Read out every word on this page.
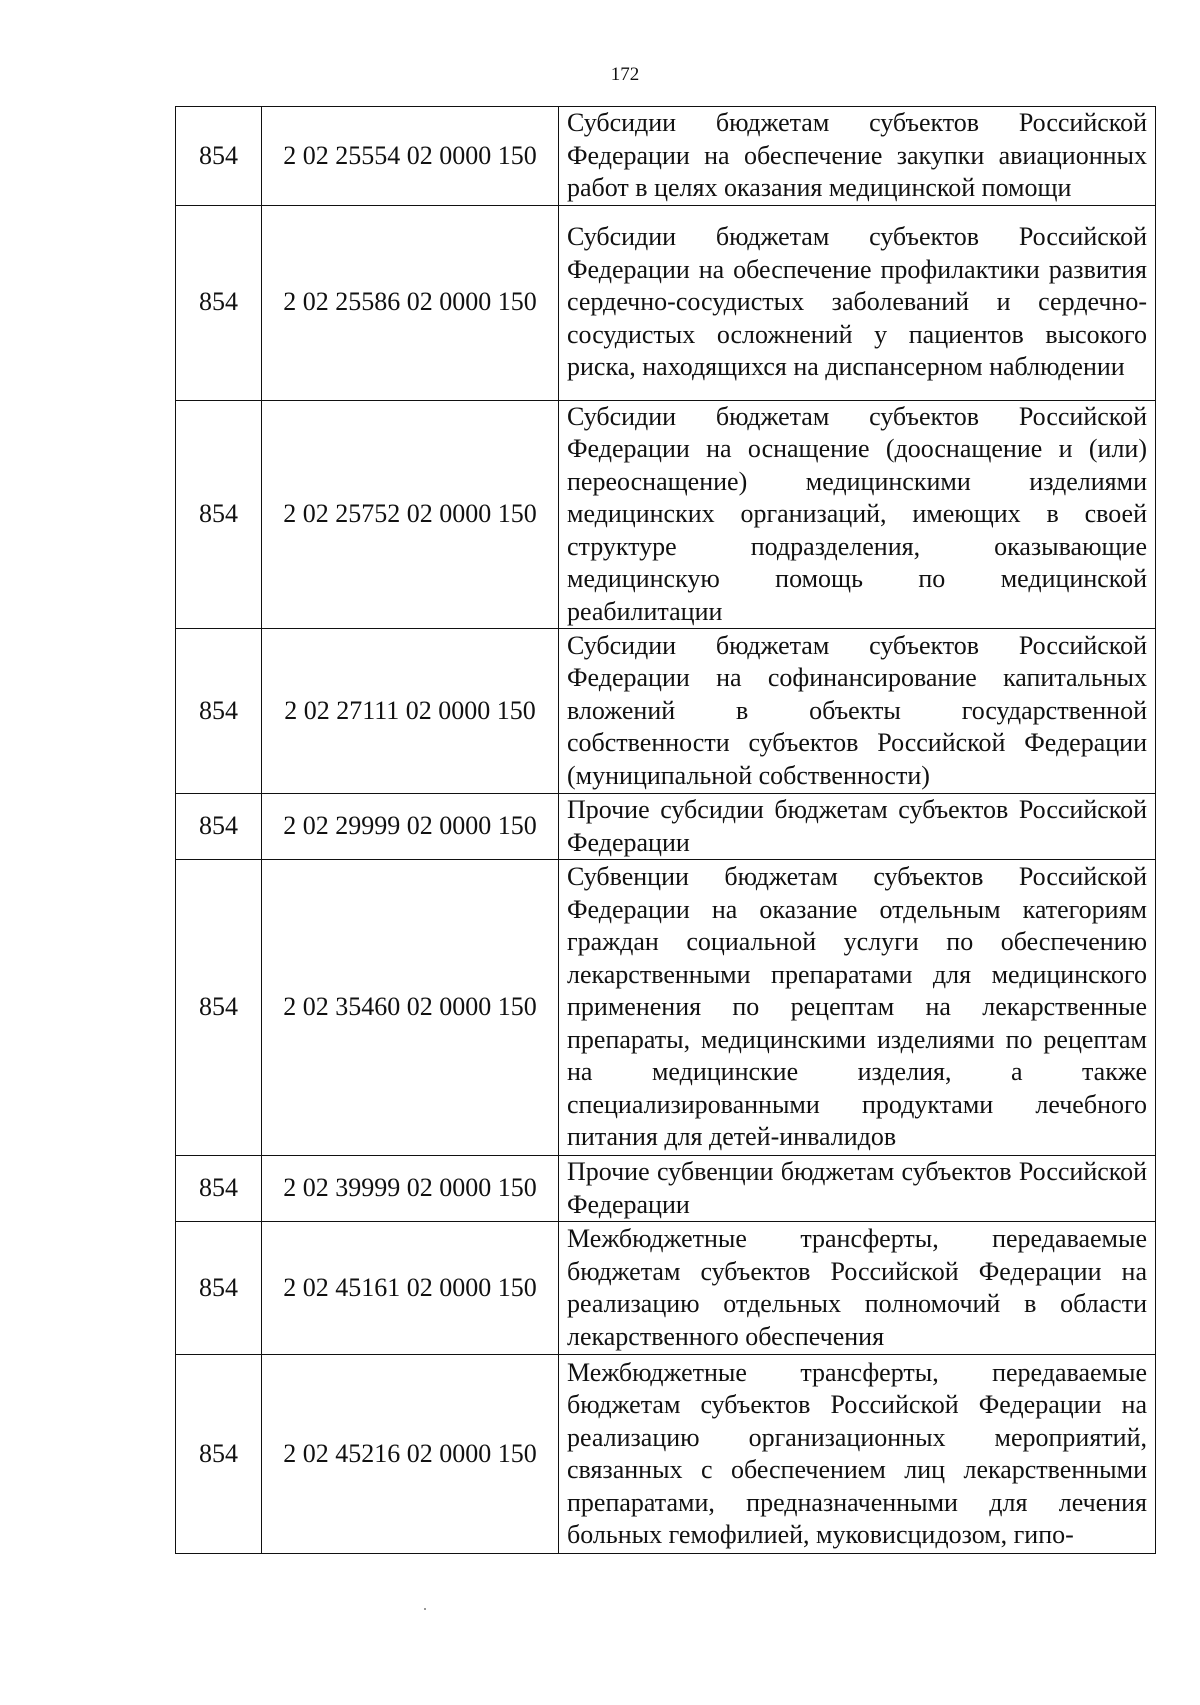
172
854	2 02 25554 02 0000 150	Субсидии бюджетам субъектов Российской Федерации на обеспечение закупки авиационных работ в целях оказания медицинской помощи
854	2 02 25586 02 0000 150	Субсидии бюджетам субъектов Российской Федерации на обеспечение профилактики развития сердечно-сосудистых заболеваний и сердечно-сосудистых осложнений у пациентов высокого риска, находящихся на диспансерном наблюдении
854	2 02 25752 02 0000 150	Субсидии бюджетам субъектов Российской Федерации на оснащение (дооснащение и (или) переоснащение) медицинскими изделиями медицинских организаций, имеющих в своей структуре подразделения, оказывающие медицинскую помощь по медицинской реабилитации
854	2 02 27111 02 0000 150	Субсидии бюджетам субъектов Российской Федерации на софинансирование капитальных вложений в объекты государственной собственности субъектов Российской Федерации (муниципальной собственности)
854	2 02 29999 02 0000 150	Прочие субсидии бюджетам субъектов Российской Федерации
854	2 02 35460 02 0000 150	Субвенции бюджетам субъектов Российской Федерации на оказание отдельным категориям граждан социальной услуги по обеспечению лекарственными препаратами для медицинского применения по рецептам на лекарственные препараты, медицинскими изделиями по рецептам на медицинские изделия, а также специализированными продуктами лечебного питания для детей-инвалидов
854	2 02 39999 02 0000 150	Прочие субвенции бюджетам субъектов Российской Федерации
854	2 02 45161 02 0000 150	Межбюджетные трансферты, передаваемые бюджетам субъектов Российской Федерации на реализацию отдельных полномочий в области лекарственного обеспечения
854	2 02 45216 02 0000 150	Межбюджетные трансферты, передаваемые бюджетам субъектов Российской Федерации на реализацию организационных мероприятий, связанных с обеспечением лиц лекарственными препаратами, предназначенными для лечения больных гемофилией, муковисцидозом, гипо-
